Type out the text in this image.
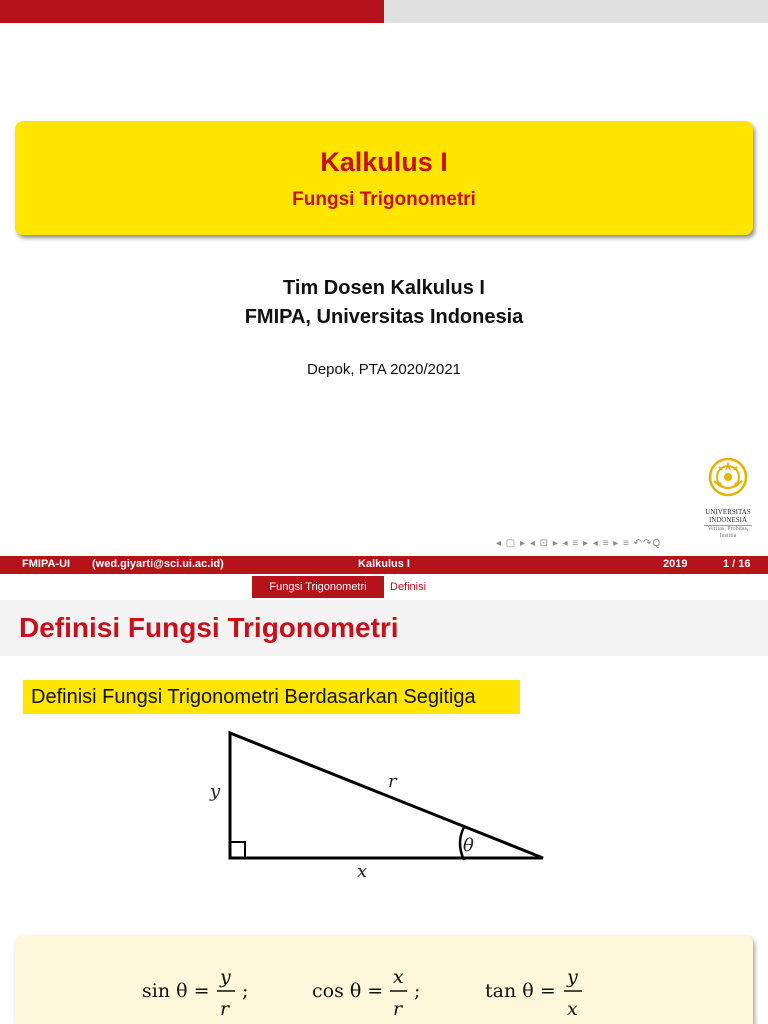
Kalkulus I
Fungsi Trigonometri
Tim Dosen Kalkulus I
FMIPA, Universitas Indonesia
Depok, PTA 2020/2021
UNIVERSITAS
INDONESIA
Veritas, Probitas, Iustitia
◂ ▢ ▸ ◂ ⊡ ▸ ◂ ≡ ▸ ◂ ≡ ▸ ≡ ↶↷Q
FMIPA-UI (wed.giyarti@sci.ui.ac.id)	Kalkulus I	2019	1 / 16
Fungsi Trigonometri	Definisi
Definisi Fungsi Trigonometri
Definisi Fungsi Trigonometri Berdasarkan Segitiga
y	r
x
θ
sin θ =
y
r
;	cos θ =
x
r
;	tan θ =
y
x
